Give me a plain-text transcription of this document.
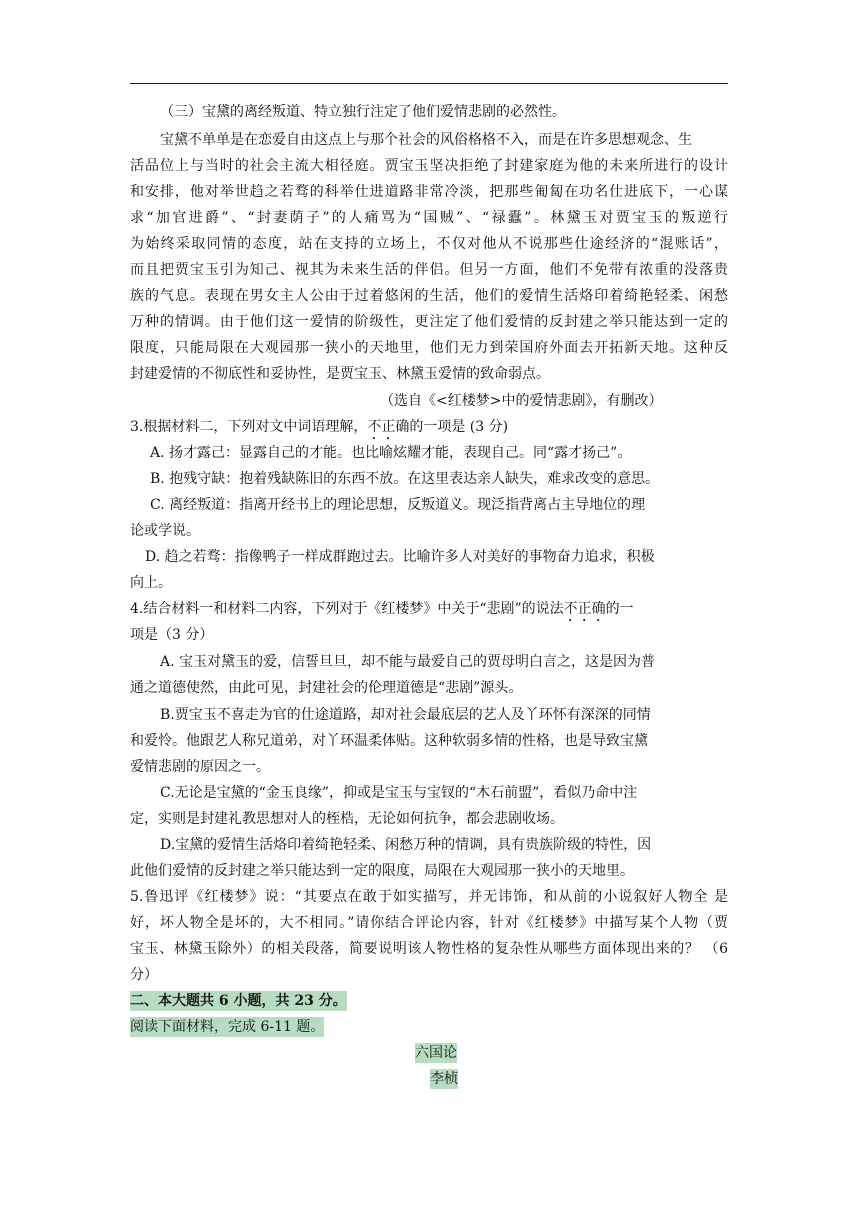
（三）宝黛的离经叛道、特立独行注定了他们爱情悲剧的必然性。
宝黛不单单是在恋爱自由这点上与那个社会的风俗格格不入，而是在许多思想观念、生
活品位上与当时的社会主流大相径庭。贾宝玉坚决拒绝了封建家庭为他的未来所进行的设计
和安排，他对举世趋之若骛的科举仕进道路非常冷淡，把那些匍匐在功名仕进底下，一心谋
求“加官进爵”、“封妻荫子”的人痛骂为“国贼”、“禄蠹”。林黛玉对贾宝玉的叛逆行
为始终采取同情的态度，站在支持的立场上，不仅对他从不说那些仕途经济的“混账话”，
而且把贾宝玉引为知己、视其为未来生活的伴侣。但另一方面，他们不免带有浓重的没落贵
族的气息。表现在男女主人公由于过着悠闲的生活，他们的爱情生活烙印着绮艳轻柔、闲愁
万种的情调。由于他们这一爱情的阶级性，更注定了他们爱情的反封建之举只能达到一定的
限度，只能局限在大观园那一狭小的天地里，他们无力到荣国府外面去开拓新天地。这种反
封建爱情的不彻底性和妥协性，是贾宝玉、林黛玉爱情的致命弱点。
（选自《<红楼梦>中的爱情悲剧》，有删改）
3.根据材料二，下列对文中词语理解，不正确的一项是 (3 分)
A. 扬才露己：显露自己的才能。也比喻炫耀才能，表现自己。同“露才扬己”。
B. 抱残守缺：抱着残缺陈旧的东西不放。在这里表达亲人缺失，难求改变的意思。
C. 离经叛道：指离开经书上的理论思想，反叛道义。现泛指背离占主导地位的理
论或学说。
D. 趋之若骛：指像鸭子一样成群跑过去。比喻许多人对美好的事物奋力追求，积极
向上。
4.结合材料一和材料二内容，下列对于《红楼梦》中关于“悲剧”的说法不正确的一
项是（3 分）
A. 宝玉对黛玉的爱，信誓旦旦，却不能与最爱自己的贾母明白言之，这是因为普
通之道德使然，由此可见，封建社会的伦理道德是“悲剧”源头。
B.贾宝玉不喜走为官的仕途道路，却对社会最底层的艺人及丫环怀有深深的同情
和爱怜。他跟艺人称兄道弟，对丫环温柔体贴。这种软弱多情的性格，也是导致宝黛
爱情悲剧的原因之一。
C.无论是宝黛的“金玉良缘”，抑或是宝玉与宝钗的“木石前盟”，看似乃命中注
定，实则是封建礼教思想对人的桎梏，无论如何抗争，都会悲剧收场。
D.宝黛的爱情生活烙印着绮艳轻柔、闲愁万种的情调，具有贵族阶级的特性，因
此他们爱情的反封建之举只能达到一定的限度，局限在大观园那一狭小的天地里。
5.鲁迅评《红楼梦》说：“其要点在敢于如实描写，并无讳饰，和从前的小说叙好人物全 是
好，坏人物全是坏的，大不相同。”请你结合评论内容，针对《红楼梦》中描写某个人物（贾
宝玉、林黛玉除外）的相关段落，简要说明该人物性格的复杂性从哪些方面体现出来的？ （6
分）
二、本大题共 6 小题，共 23 分。
阅读下面材料，完成 6-11 题。
六国论
李桢
